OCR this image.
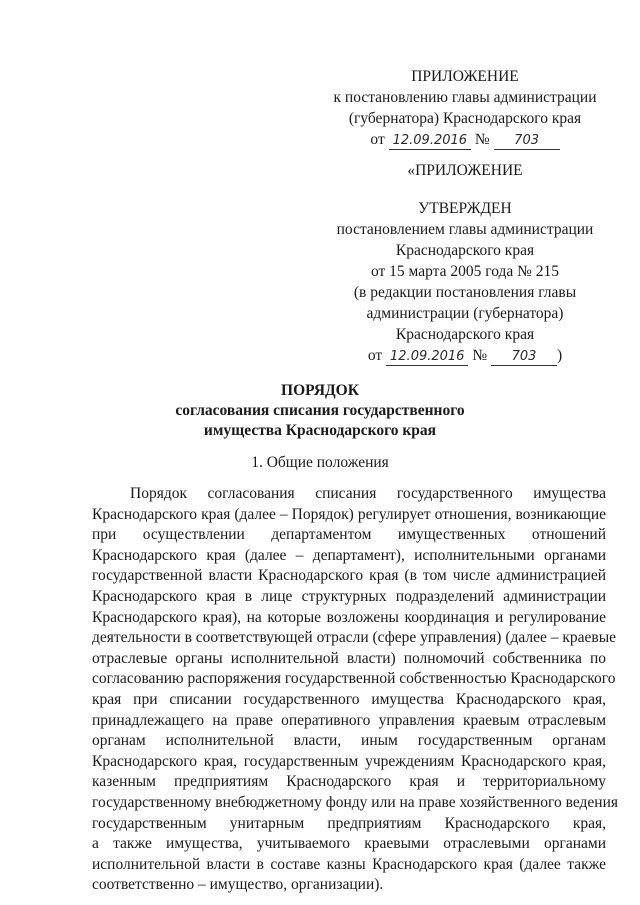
ПРИЛОЖЕНИЕ
к постановлению главы администрации
(губернатора) Краснодарского края
от 12.09.2016 № 703
«ПРИЛОЖЕНИЕ
УТВЕРЖДЕН
постановлением главы администрации
Краснодарского края
от 15 марта 2005 года № 215
(в редакции постановления главы
администрации (губернатора)
Краснодарского края
от 12.09.2016 № 703 )
ПОРЯДОК
согласования списания государственного
имущества Краснодарского края
1. Общие положения
Порядок согласования списания государственного имущества
Краснодарского края (далее – Порядок) регулирует отношения, возникающие
при осуществлении департаментом имущественных отношений
Краснодарского края (далее – департамент), исполнительными органами
государственной власти Краснодарского края (в том числе администрацией
Краснодарского края в лице структурных подразделений администрации
Краснодарского края), на которые возложены координация и регулирование
деятельности в соответствующей отрасли (сфере управления) (далее – краевые
отраслевые органы исполнительной власти) полномочий собственника по
согласованию распоряжения государственной собственностью Краснодарского
края при списании государственного имущества Краснодарского края,
принадлежащего на праве оперативного управления краевым отраслевым
органам исполнительной власти, иным государственным органам
Краснодарского края, государственным учреждениям Краснодарского края,
казенным предприятиям Краснодарского края и территориальному
государственному внебюджетному фонду или на праве хозяйственного ведения
государственным унитарным предприятиям Краснодарского края,
а также имущества, учитываемого краевыми отраслевыми органами
исполнительной власти в составе казны Краснодарского края (далее также
соответственно – имущество, организации).
